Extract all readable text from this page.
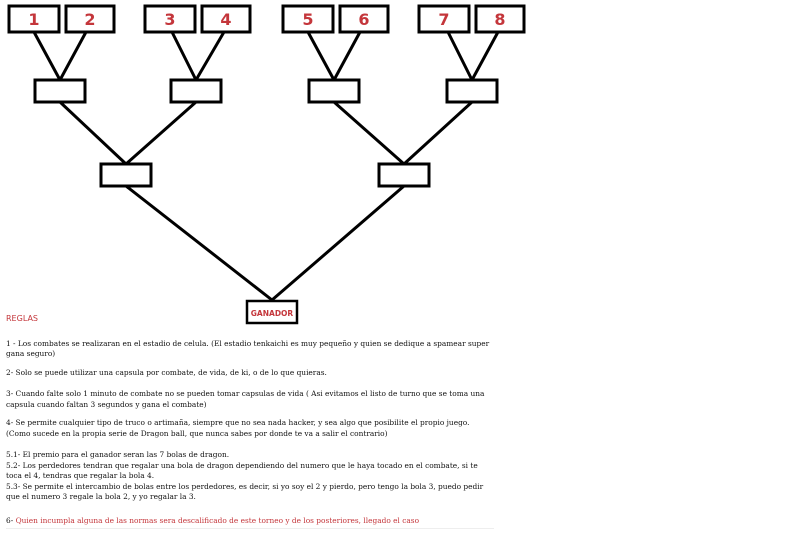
1	2	3	4	5	6	7	8
GANADOR

REGLAS

1 - Los combates se realizaran en el estadio de celula. (El estadio tenkaichi es muy pequeño y quien se dedique a spamear super gana seguro)

2- Solo se puede utilizar una capsula por combate, de vida, de ki, o de lo que quieras.

3- Cuando falte solo 1 minuto de combate no se pueden tomar capsulas de vida ( Asi evitamos el listo de turno que se toma una capsula cuando faltan 3 segundos y gana el combate)

4- Se permite cualquier tipo de truco o artimaña, siempre que no sea nada hacker, y sea algo que posibilite el propio juego. (Como sucede en la propia serie de Dragon ball, que nunca sabes por donde te va a salir el contrario)

5.1- El premio para el ganador seran las 7 bolas de dragon.

5.2- Los perdedores tendran que regalar una bola de dragon dependiendo del numero que le haya tocado en el combate, si te toca el 4, tendras que regalar la bola 4.

5.3- Se permite el intercambio de bolas entre los perdedores, es decir, si yo soy el 2 y pierdo, pero tengo la bola 3, puedo pedir que el numero 3 regale la bola 2, y yo regalar la 3.

6- Quien incumpla alguna de las normas sera descalificado de este torneo y de los posteriores, llegado el caso
